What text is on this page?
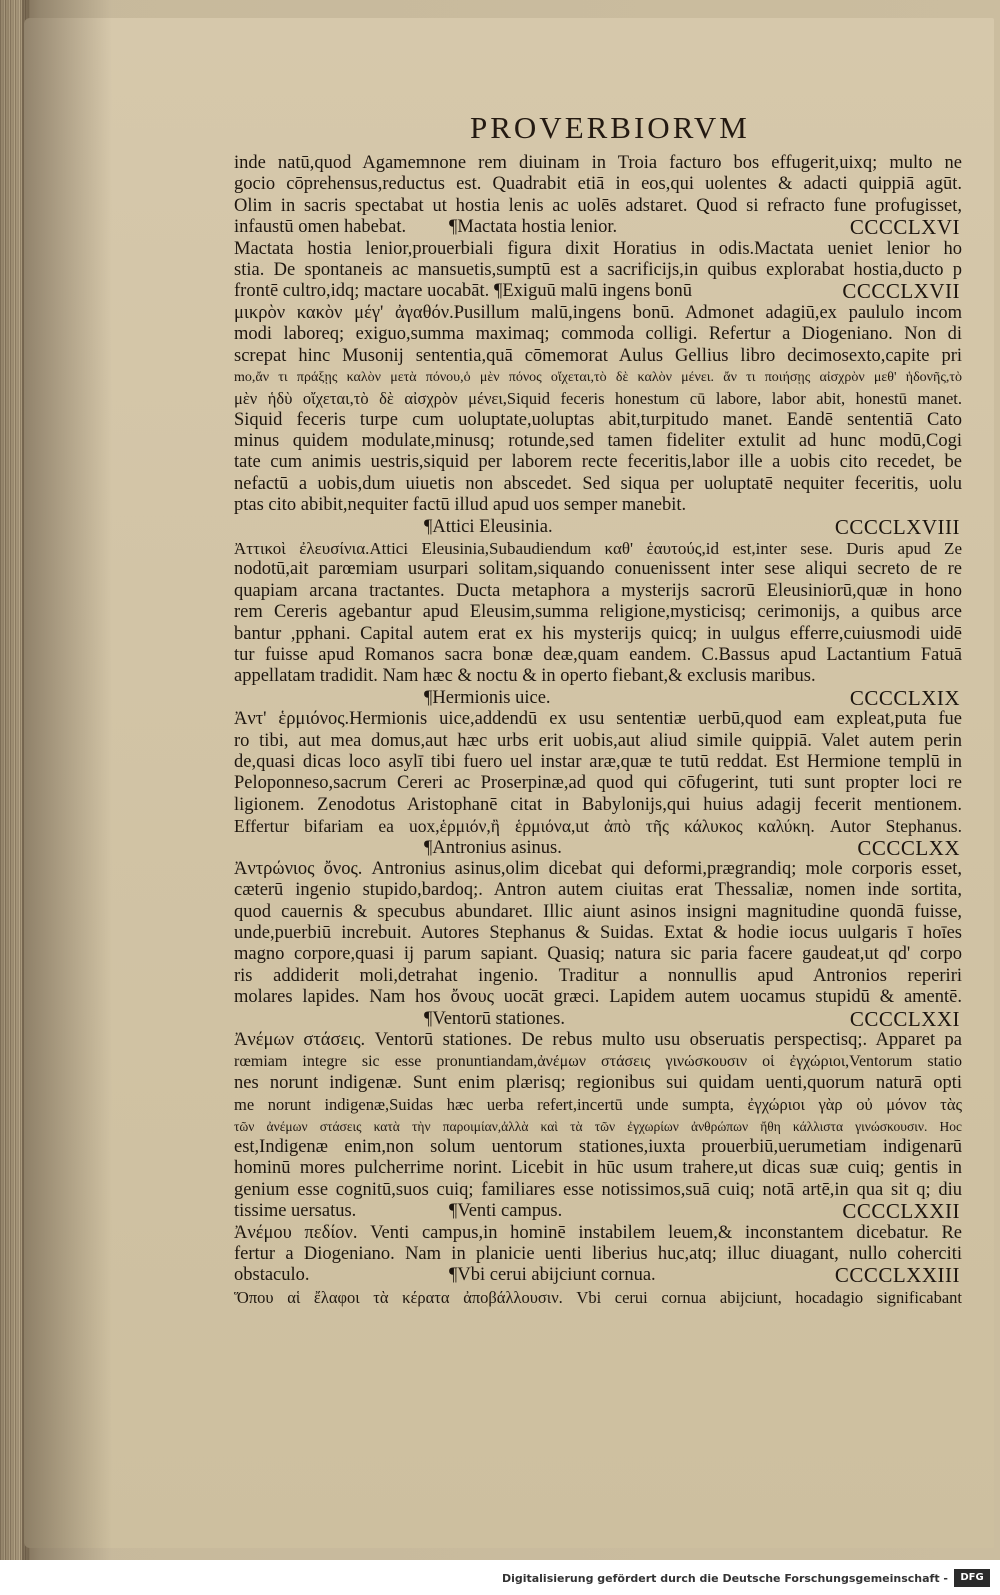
PROVERBIORVM
inde natū,quod Agamemnone rem diuinam in Troia facturo bos effugerit,uixq; multo ne
gocio cōprehensus,reductus est. Quadrabit etiā in eos,qui uolentes & adacti quippiā agūt.
Olim in sacris spectabat ut hostia lenis ac uolēs adstaret. Quod si refracto fune profugisset,
infaustū omen habebat. ¶Mactata hostia lenior.	CCCCLXVI
Mactata hostia lenior,prouerbiali figura dixit Horatius in odis.Mactata ueniet lenior ho
stia. De spontaneis ac mansuetis,sumptū est a sacrificijs,in quibus explorabat hostia,ducto p
frontē cultro,idq; mactare uocabāt. ¶Exiguū malū ingens bonū	CCCCLXVII
μικρὸν κακὸν μέγ' ἀγαθόν.Pusillum malū,ingens bonū. Admonet adagiū,ex paululo incom
modi laboreq; exiguo,summa maximaq; commoda colligi. Refertur a Diogeniano. Non di
screpat hinc Musonij sententia,quā cōmemorat Aulus Gellius libro decimosexto,capite pri
mo,ἄν τι πράξῃς καλὸν μετὰ πόνου,ὁ μὲν πόνος οἴχεται,τὸ δὲ καλὸν μένει. ἄν τι ποιήσῃς αἰσχρὸν μεθ' ἡδονῆς,τὸ
μὲν ἡδὺ οἴχεται,τὸ δὲ αἰσχρὸν μένει,Siquid feceris honestum cū labore, labor abit, honestū manet.
Siquid feceris turpe cum uoluptate,uoluptas abit,turpitudo manet. Eandē sententiā Cato
minus quidem modulate,minusq; rotunde,sed tamen fideliter extulit ad hunc modū,Cogi
tate cum animis uestris,siquid per laborem recte feceritis,labor ille a uobis cito recedet, be
nefactū a uobis,dum uiuetis non abscedet. Sed siqua per uoluptatē nequiter feceritis, uolu
ptas cito abibit,nequiter factū illud apud uos semper manebit.
¶Attici Eleusinia.	CCCCLXVIII
Ἀττικοὶ ἐλευσίνια.Attici Eleusinia,Subaudiendum καθ' ἑαυτούς,id est,inter sese. Duris apud Ze
nodotū,ait parœmiam usurpari solitam,siquando conuenissent inter sese aliqui secreto de re
quapiam arcana tractantes. Ducta metaphora a mysterijs sacrorū Eleusiniorū,quæ in hono
rem Cereris agebantur apud Eleusim,summa religione,mysticisq; cerimonijs, a quibus arce
bantur ,pphani. Capital autem erat ex his mysterijs quicq; in uulgus efferre,cuiusmodi uidē
tur fuisse apud Romanos sacra bonæ deæ,quam eandem. C.Bassus apud Lactantium Fatuā
appellatam tradidit. Nam hæc & noctu & in operto fiebant,& exclusis maribus.
¶Hermionis uice.	CCCCLXIX
Ἀντ' ἑρμιόνος.Hermionis uice,addendū ex usu sententiæ uerbū,quod eam expleat,puta fue
ro tibi, aut mea domus,aut hæc urbs erit uobis,aut aliud simile quippiā. Valet autem perin
de,quasi dicas loco asylī tibi fuero uel instar aræ,quæ te tutū reddat. Est Hermione templū in
Peloponneso,sacrum Cereri ac Proserpinæ,ad quod qui cōfugerint, tuti sunt propter loci re
ligionem. Zenodotus Aristophanē citat in Babylonijs,qui huius adagij fecerit mentionem.
Effertur bifariam ea uox,ἑρμιόν,ἢ ἑρμιόνα,ut ἀπὸ τῆς κάλυκος καλύκη. Autor Stephanus.
¶Antronius asinus.	CCCCLXX
Ἀντρώνιος ὄνος. Antronius asinus,olim dicebat qui deformi,prægrandiq; mole corporis esset,
cæterū ingenio stupido,bardoq;. Antron autem ciuitas erat Thessaliæ, nomen inde sortita,
quod cauernis & specubus abundaret. Illic aiunt asinos insigni magnitudine quondā fuisse,
unde,puerbiū increbuit. Autores Stephanus & Suidas. Extat & hodie iocus uulgaris ī hoīes
magno corpore,quasi ij parum sapiant. Quasiq; natura sic paria facere gaudeat,ut qd' corpo
ris addiderit moli,detrahat ingenio. Traditur a nonnullis apud Antronios reperiri
molares lapides. Nam hos ὄνους uocāt græci. Lapidem autem uocamus stupidū & amentē.
¶Ventorū stationes.	CCCCLXXI
Ἀνέμων στάσεις. Ventorū stationes. De rebus multo usu obseruatis perspectisq;. Apparet pa
rœmiam integre sic esse pronuntiandam,ἀνέμων στάσεις γινώσκουσιν οἱ ἐγχώριοι,Ventorum statio
nes norunt indigenæ. Sunt enim plærisq; regionibus sui quidam uenti,quorum naturā opti
me norunt indigenæ,Suidas hæc uerba refert,incertū unde sumpta, ἐγχώριοι γὰρ οὐ μόνον τὰς
τῶν ἀνέμων στάσεις κατὰ τὴν παροιμίαν,ἀλλὰ καὶ τὰ τῶν ἐγχωρίων ἀνθρώπων ἤθη κάλλιστα γινώσκουσιν. Hoc
est,Indigenæ enim,non solum uentorum stationes,iuxta prouerbiū,uerumetiam indigenarū
hominū mores pulcherrime norint. Licebit in hūc usum trahere,ut dicas suæ cuiq; gentis in
genium esse cognitū,suos cuiq; familiares esse notissimos,suā cuiq; notā artē,in qua sit q; diu
tissime uersatus.	¶Venti campus.	CCCCLXXII
Ἀνέμου πεδίον. Venti campus,in hominē instabilem leuem,& inconstantem dicebatur. Re
fertur a Diogeniano. Nam in planicie uenti liberius huc,atq; illuc diuagant, nullo coherciti
obstaculo.	¶Vbi cerui abijciunt cornua.	CCCCLXXIII
Ὅπου αἱ ἔλαφοι τὰ κέρατα ἀποβάλλουσιν. Vbi cerui cornua abijciunt, hocadagio significabant
Digitalisierung gefördert durch die Deutsche Forschungsgemeinschaft -	DFG
